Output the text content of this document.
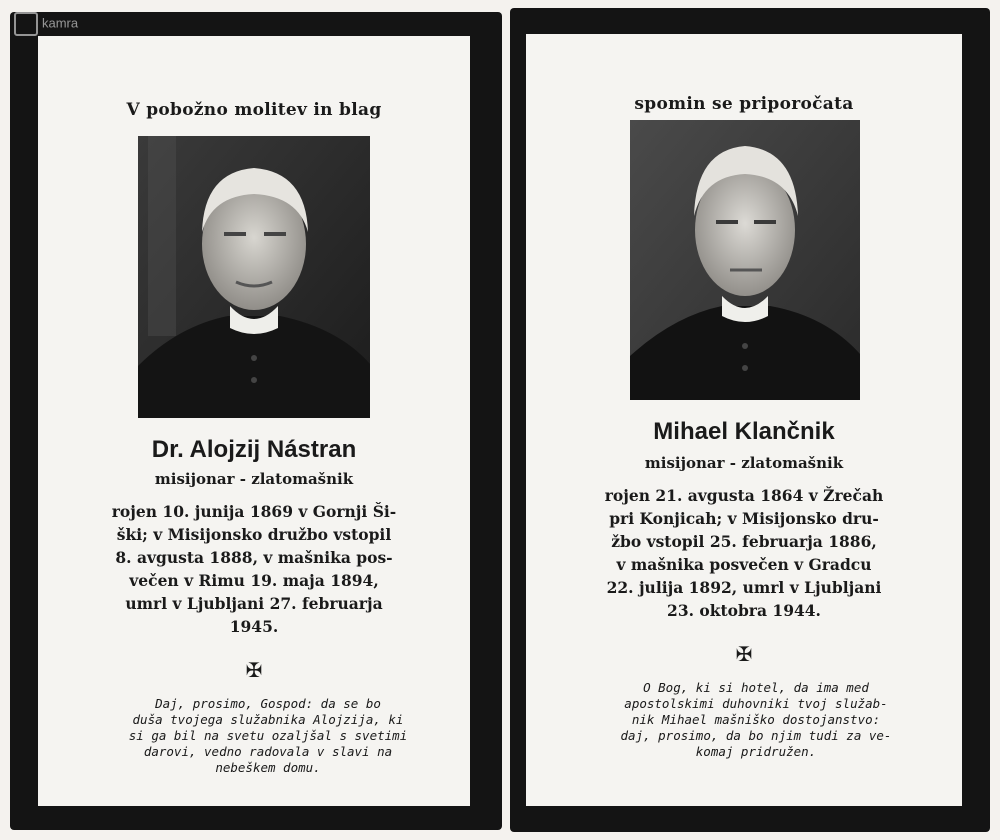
V pobožno molitev in blag
Dr. Alojzij Nástran
misijonar - zlatomašnik
rojen 10. junija 1869 v Gornji Ši-
ški; v Misijonsko družbo vstopil
8. avgusta 1888, v mašnika pos-
večen v Rimu 19. maja 1894,
umrl v Ljubljani 27. februarja
1945.
✠
Daj, prosimo, Gospod: da se bo
duša tvojega služabnika Alojzija, ki
si ga bil na svetu ozaljšal s svetimi
darovi, vedno radovala v slavi na
nebeškem domu.
spomin se priporočata
Mihael Klančnik
misijonar - zlatomašnik
rojen 21. avgusta 1864 v Žrečah
pri Konjicah; v Misijonsko dru-
žbo vstopil 25. februarja 1886,
v mašnika posvečen v Gradcu
22. julija 1892, umrl v Ljubljani
23. oktobra 1944.
✠
O Bog, ki si hotel, da ima med
apostolskimi duhovniki tvoj služab-
nik Mihael mašniško dostojanstvo:
daj, prosimo, da bo njim tudi za ve-
komaj pridružen.
kamra
